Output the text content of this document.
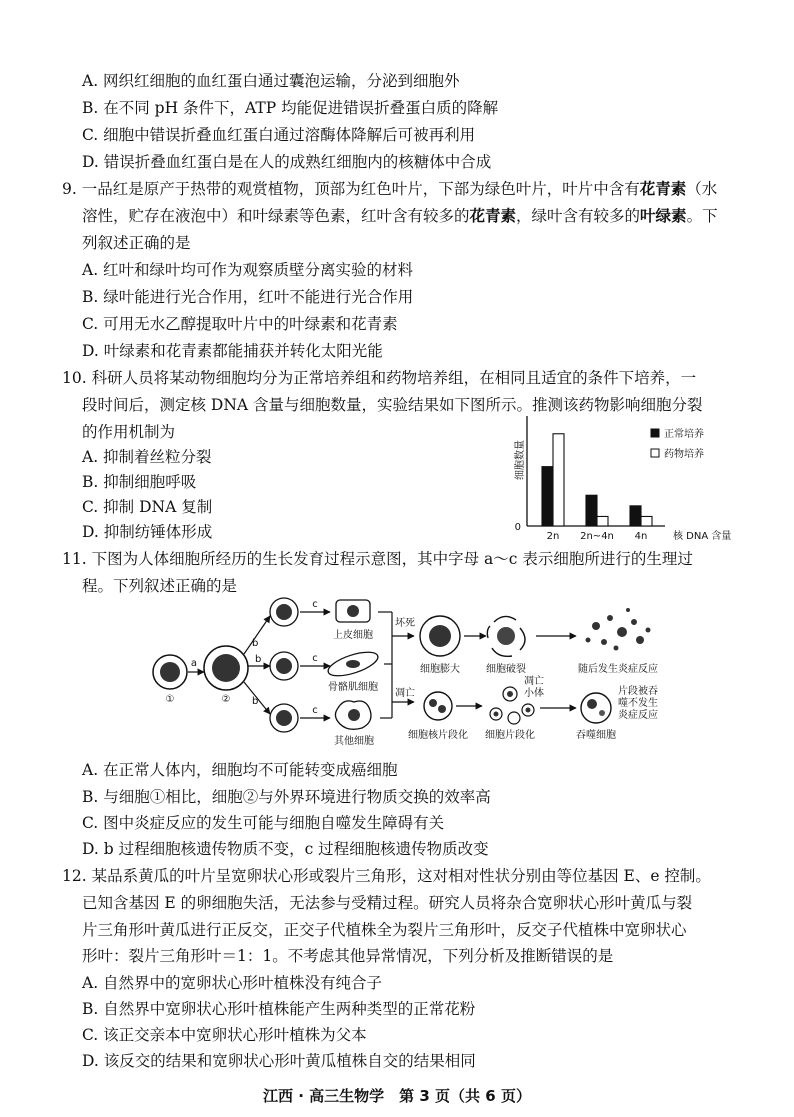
A. 网织红细胞的血红蛋白通过囊泡运输，分泌到细胞外
B. 在不同 pH 条件下，ATP 均能促进错误折叠蛋白质的降解
C. 细胞中错误折叠血红蛋白通过溶酶体降解后可被再利用
D. 错误折叠血红蛋白是在人的成熟红细胞内的核糖体中合成
9. 一品红是原产于热带的观赏植物，顶部为红色叶片，下部为绿色叶片，叶片中含有花青素（水
溶性，贮存在液泡中）和叶绿素等色素，红叶含有较多的花青素，绿叶含有较多的叶绿素。下
列叙述正确的是
A. 红叶和绿叶均可作为观察质壁分离实验的材料
B. 绿叶能进行光合作用，红叶不能进行光合作用
C. 可用无水乙醇提取叶片中的叶绿素和花青素
D. 叶绿素和花青素都能捕获并转化太阳光能
10. 科研人员将某动物细胞均分为正常培养组和药物培养组，在相同且适宜的条件下培养，一
段时间后，测定核 DNA 含量与细胞数量，实验结果如下图所示。推测该药物影响细胞分裂
的作用机制为
A. 抑制着丝粒分裂
B. 抑制细胞呼吸
C. 抑制 DNA 复制
D. 抑制纺锤体形成	2n 2n~4n 4n
细胞数量
0
核 DNA 含量
正常培养
药物培养
11. 下图为人体细胞所经历的生长发育过程示意图，其中字母 a～c 表示细胞所进行的生理过
程。下列叙述正确的是
①
a
②
b
b
b
c
c
c
上皮细胞
骨骼肌细胞
其他细胞
坏死
凋亡
细胞膨大	细胞破裂	随后发生炎症反应
细胞核片段化
凋亡
小体
细胞片段化	吞噬细胞
片段被吞
噬不发生
炎症反应
A. 在正常人体内，细胞均不可能转变成癌细胞
B. 与细胞①相比，细胞②与外界环境进行物质交换的效率高
C. 图中炎症反应的发生可能与细胞自噬发生障碍有关
D. b 过程细胞核遗传物质不变，c 过程细胞核遗传物质改变
12. 某品系黄瓜的叶片呈宽卵状心形或裂片三角形，这对相对性状分别由等位基因 E、e 控制。
已知含基因 E 的卵细胞失活，无法参与受精过程。研究人员将杂合宽卵状心形叶黄瓜与裂
片三角形叶黄瓜进行正反交，正交子代植株全为裂片三角形叶，反交子代植株中宽卵状心
形叶：裂片三角形叶＝1：1。不考虑其他异常情况，下列分析及推断错误的是
A. 自然界中的宽卵状心形叶植株没有纯合子
B. 自然界中宽卵状心形叶植株能产生两种类型的正常花粉
C. 该正交亲本中宽卵状心形叶植株为父本
D. 该反交的结果和宽卵状心形叶黄瓜植株自交的结果相同
江西 · 高三生物学　第 3 页（共 6 页）
